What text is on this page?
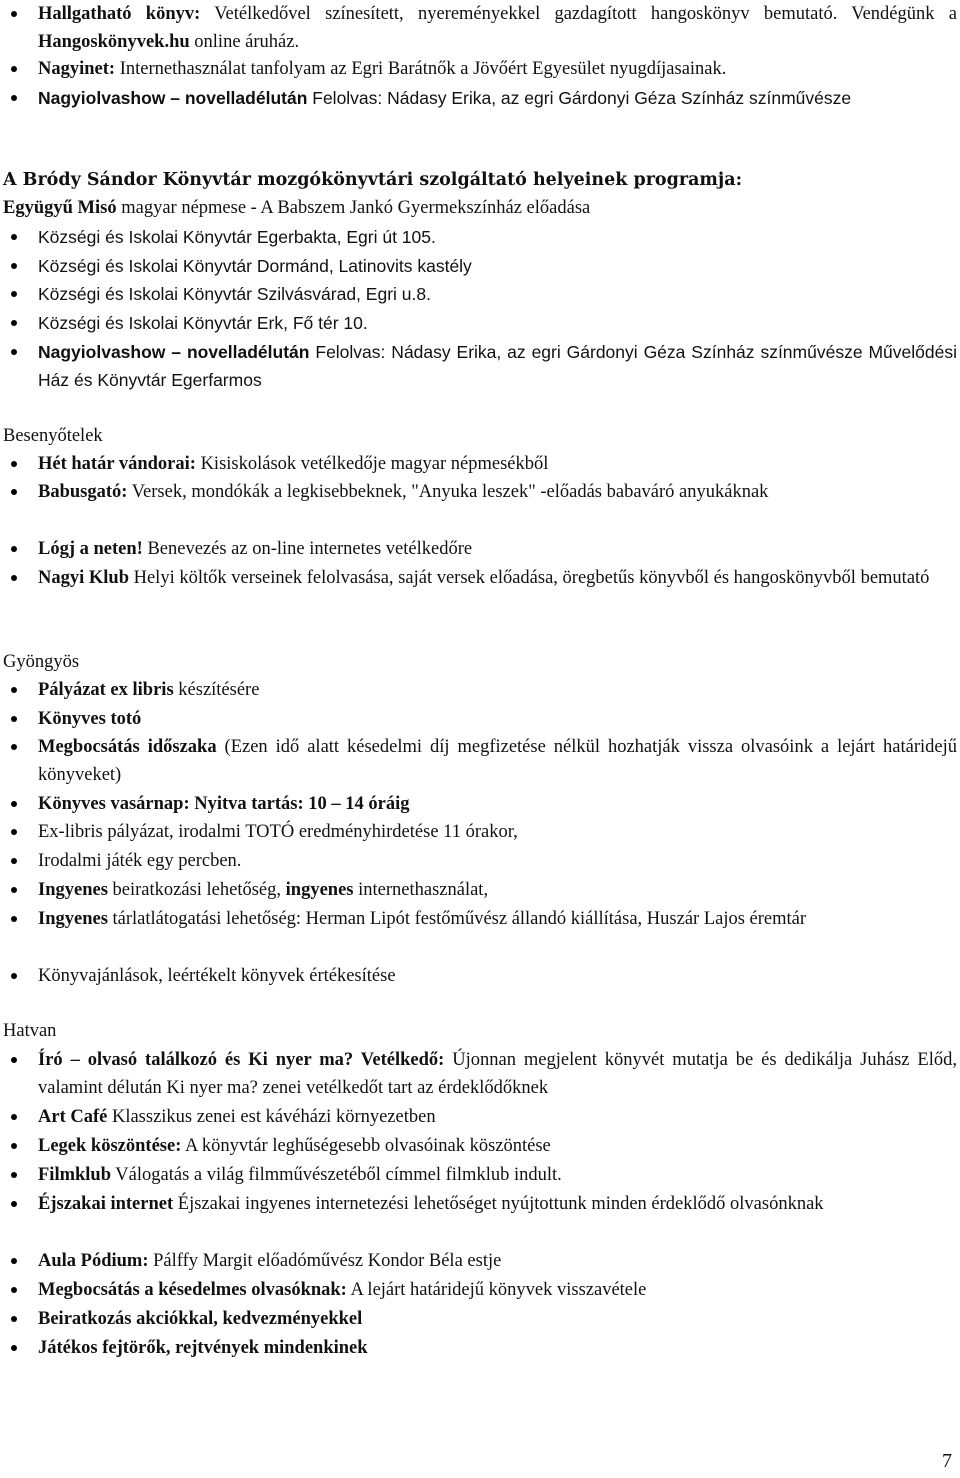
Hallgatható könyv: Vetélkedővel színesített, nyereményekkel gazdagított hangoskönyv bemutató. Vendégünk a Hangoskönyvek.hu online áruház.
Nagyinet: Internethasználat tanfolyam az Egri Barátnők a Jövőért Egyesület nyugdíjasainak.
Nagyiolvashow – novelladélután Felolvas: Nádasy Erika, az egri Gárdonyi Géza Színház színművésze
A Bródy Sándor Könyvtár mozgókönyvtári szolgáltató helyeinek programja:
Együgyű Misó magyar népmese - A Babszem Jankó Gyermekszínház előadása
Községi és Iskolai Könyvtár Egerbakta, Egri út 105.
Községi és Iskolai Könyvtár Dormánd, Latinovits kastély
Községi és Iskolai Könyvtár Szilvásvárad, Egri u.8.
Községi és Iskolai Könyvtár Erk, Fő tér 10.
Nagyiolvashow – novelladélután Felolvas: Nádasy Erika, az egri Gárdonyi Géza Színház színművésze Művelődési Ház és Könyvtár Egerfarmos
Besenyőtelek
Hét határ vándorai: Kisiskolások vetélkedője magyar népmesékből
Babusgató: Versek, mondókák a legkisebbeknek, "Anyuka leszek" -előadás babaváró anyukáknak
Lógj a neten! Benevezés az on-line internetes vetélkedőre
Nagyi Klub Helyi költők verseinek felolvasása, saját versek előadása, öregbetűs könyvből és hangoskönyvből bemutató
Gyöngyös
Pályázat ex libris készítésére
Könyves totó
Megbocsátás időszaka (Ezen idő alatt késedelmi díj megfizetése nélkül hozhatják vissza olvasóink a lejárt határidejű könyveket)
Könyves vasárnap: Nyitva tartás: 10 – 14 óráig
Ex-libris pályázat, irodalmi TOTÓ eredményhirdetése 11 órakor,
Irodalmi játék egy percben.
Ingyenes beiratkozási lehetőség, ingyenes internethasználat,
Ingyenes tárlatlátogatási lehetőség: Herman Lipót festőművész állandó kiállítása, Huszár Lajos éremtár
Könyvajánlások, leértékelt könyvek értékesítése
Hatvan
Író – olvasó találkozó és Ki nyer ma? Vetélkedő: Újonnan megjelent könyvét mutatja be és dedikálja Juhász Előd, valamint délután Ki nyer ma? zenei vetélkedőt tart az érdeklődőknek
Art Café Klasszikus zenei est kávéházi környezetben
Legek köszöntése: A könyvtár leghűségesebb olvasóinak köszöntése
Filmklub Válogatás a világ filmművészetéből címmel filmklub indult.
Éjszakai internet Éjszakai ingyenes internetezési lehetőséget nyújtottunk minden érdeklődő olvasónknak
Aula Pódium: Pálffy Margit előadóművész Kondor Béla estje
Megbocsátás a késedelmes olvasóknak: A lejárt határidejű könyvek visszavétele
Beiratkozás akciókkal, kedvezményekkel
Játékos fejtörők, rejtvények mindenkinek
7
